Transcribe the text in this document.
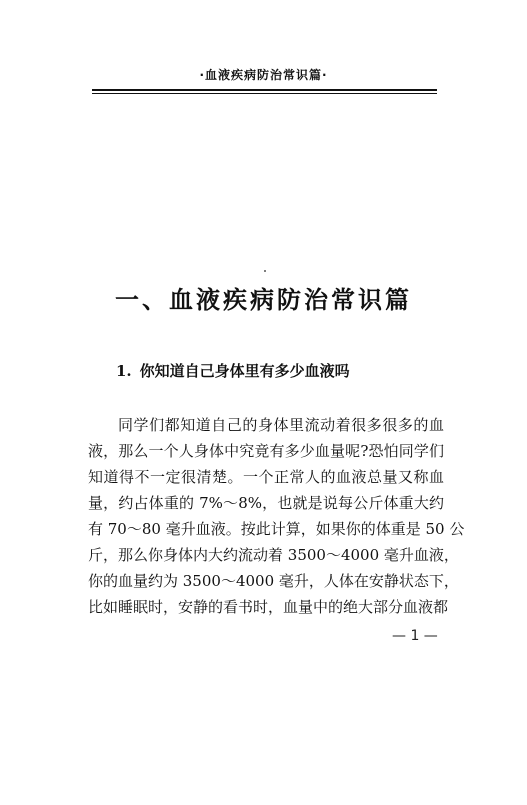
·血液疾病防治常识篇·
一、血液疾病防治常识篇
1. 你知道自己身体里有多少血液吗
同学们都知道自己的身体里流动着很多很多的血
液，那么一个人身体中究竟有多少血量呢?恐怕同学们
知道得不一定很清楚。一个正常人的血液总量又称血
量，约占体重的 7%～8%，也就是说每公斤体重大约
有 70～80 毫升血液。按此计算，如果你的体重是 50 公
斤，那么你身体内大约流动着 3500～4000 毫升血液，
你的血量约为 3500～4000 毫升，人体在安静状态下，
比如睡眠时，安静的看书时，血量中的绝大部分血液都
— 1 —
